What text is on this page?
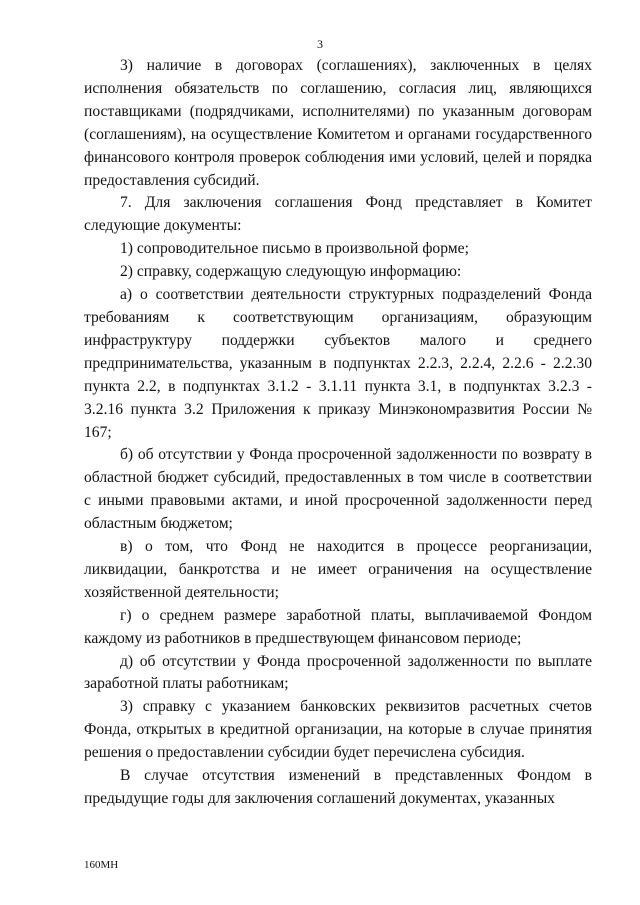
3

3) наличие в договорах (соглашениях), заключенных в целях исполнения обязательств по соглашению, согласия лиц, являющихся поставщиками (подрядчиками, исполнителями) по указанным договорам (соглашениям), на осуществление Комитетом и органами государственного финансового контроля проверок соблюдения ими условий, целей и порядка предоставления субсидий.

7. Для заключения соглашения Фонд представляет в Комитет следующие документы:

1) сопроводительное письмо в произвольной форме;

2) справку, содержащую следующую информацию:

а) о соответствии деятельности структурных подразделений Фонда требованиям к соответствующим организациям, образующим инфраструктуру поддержки субъектов малого и среднего предпринимательства, указанным в подпунктах 2.2.3, 2.2.4, 2.2.6 - 2.2.30 пункта 2.2, в подпунктах 3.1.2 - 3.1.11 пункта 3.1, в подпунктах 3.2.3 - 3.2.16 пункта 3.2 Приложения к приказу Минэкономразвития России № 167;

б) об отсутствии у Фонда просроченной задолженности по возврату в областной бюджет субсидий, предоставленных в том числе в соответствии с иными правовыми актами, и иной просроченной задолженности перед областным бюджетом;

в) о том, что Фонд не находится в процессе реорганизации, ликвидации, банкротства и не имеет ограничения на осуществление хозяйственной деятельности;

г) о среднем размере заработной платы, выплачиваемой Фондом каждому из работников в предшествующем финансовом периоде;

д) об отсутствии у Фонда просроченной задолженности по выплате заработной платы работникам;

3) справку с указанием банковских реквизитов расчетных счетов Фонда, открытых в кредитной организации, на которые в случае принятия решения о предоставлении субсидии будет перечислена субсидия.

В случае отсутствия изменений в представленных Фондом в предыдущие годы для заключения соглашений документах, указанных

160МН
